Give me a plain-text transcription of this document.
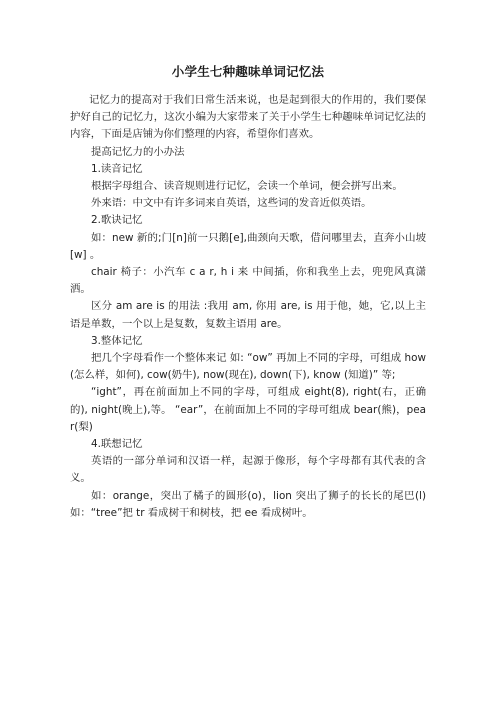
小学生七种趣味单词记忆法

记忆力的提高对于我们日常生活来说，也是起到很大的作用的，我们要保护好自己的记忆力，这次小编为大家带来了关于小学生七种趣味单词记忆法的内容，下面是店铺为你们整理的内容，希望你们喜欢。

提高记忆力的小办法

1.读音记忆

根据字母组合、读音规则进行记忆，会读一个单词，便会拼写出来。

外来语：中文中有许多词来自英语，这些词的发音近似英语。

2.歌诀记忆

如：new 新的;门[n]前一只鹅[e],曲颈向天歌，借问哪里去，直奔小山坡[w] 。

chair 椅子：小汽车 c a r, h i 来 中间插，你和我坐上去，兜兜风真潇洒。

区分 am are is 的用法 :我用 am, 你用 are, is 用于他，她，它,以上主语是单数，一个以上是复数，复数主语用 are。

3.整体记忆

把几个字母看作一个整体来记 如: “ow” 再加上不同的字母，可组成 how(怎么样，如何), cow(奶牛), now(现在), down(下), know (知道)” 等;

“ight”，再在前面加上不同的字母，可组成 eight(8), right(右，正确的), night(晚上),等。 “ear”，在前面加上不同的字母可组成 bear(熊)，pear(梨)

4.联想记忆

英语的一部分单词和汉语一样，起源于像形，每个字母都有其代表的含义。

如：orange，突出了橘子的圆形(o)，lion 突出了狮子的长长的尾巴(l)如：“tree”把 tr 看成树干和树枝，把 ee 看成树叶。
